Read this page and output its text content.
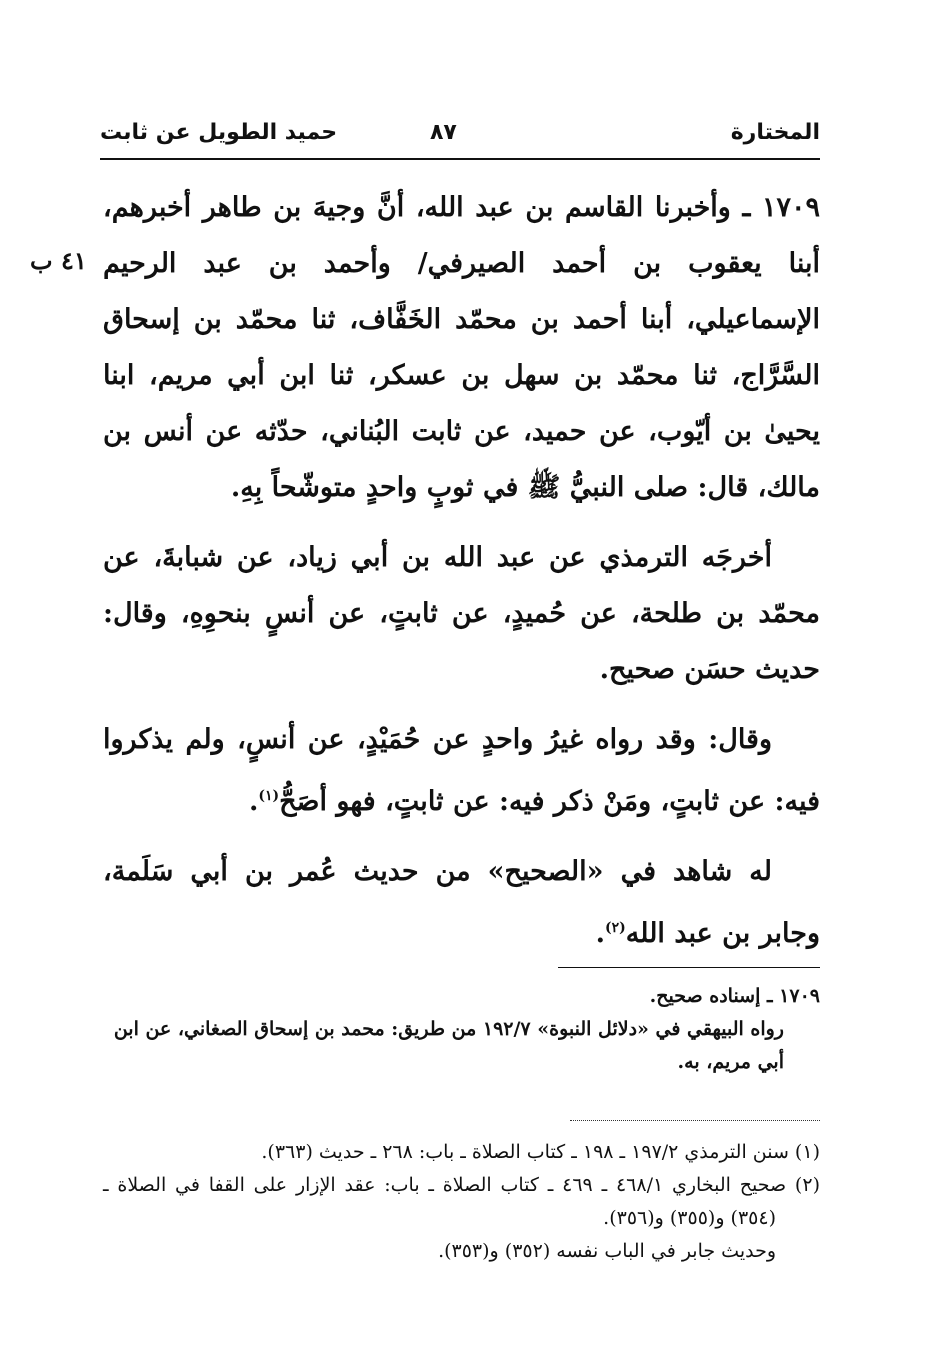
المختارة
٨٧
حميد الطويل عن ثابت
٤١ ب

١٧٠٩ ـ وأخبرنا القاسم بن عبد الله، أنَّ وجيهَ بن طاهر أخبرهم، أبنا يعقوب بن أحمد الصيرفي/ وأحمد بن عبد الرحيم الإسماعيلي، أبنا أحمد بن محمّد الخَفَّاف، ثنا محمّد بن إسحاق السَّرَّاج، ثنا محمّد بن سهل بن عسكر، ثنا ابن أبي مريم، ابنا يحيىٰ بن أيّوب، عن حميد، عن ثابت البُناني، حدّثه عن أنس بن مالك، قال: صلى النبيُّ ﷺ في ثوبٍ واحدٍ متوشّحاً بِهِ.

أخرجَه الترمذي عن عبد الله بن أبي زياد، عن شبابةَ، عن محمّد بن طلحة، عن حُميدٍ، عن ثابتٍ، عن أنسٍ بنحوِهِ، وقال: حديث حسَن صحيح.

وقال: وقد رواه غيرُ واحدٍ عن حُمَيْدٍ، عن أنسٍ، ولم يذكروا فيه: عن ثابتٍ، ومَنْ ذكر فيه: عن ثابتٍ، فهو أصَحُّ$^{(١)}$.

له شاهد في «الصحيح» من حديث عُمر بن أبي سَلَمة، وجابر بن عبد الله$^{(٢)}$.

١٧٠٩ ـ إسناده صحيح.
رواه البيهقي في «دلائل النبوة» ١٩٢/٧ من طريق: محمد بن إسحاق الصغاني، عن ابن أبي مريم، به.
(١) سنن الترمذي ١٩٧/٢ ـ ١٩٨ ـ كتاب الصلاة ـ باب: ٢٦٨ ـ حديث (٣٦٣).
(٢) صحيح البخاري ٤٦٨/١ ـ ٤٦٩ ـ كتاب الصلاة ـ باب: عقد الإزار على القفا في الصلاة ـ (٣٥٤) و(٣٥٥) و(٣٥٦).
وحديث جابر في الباب نفسه (٣٥٢) و(٣٥٣).
